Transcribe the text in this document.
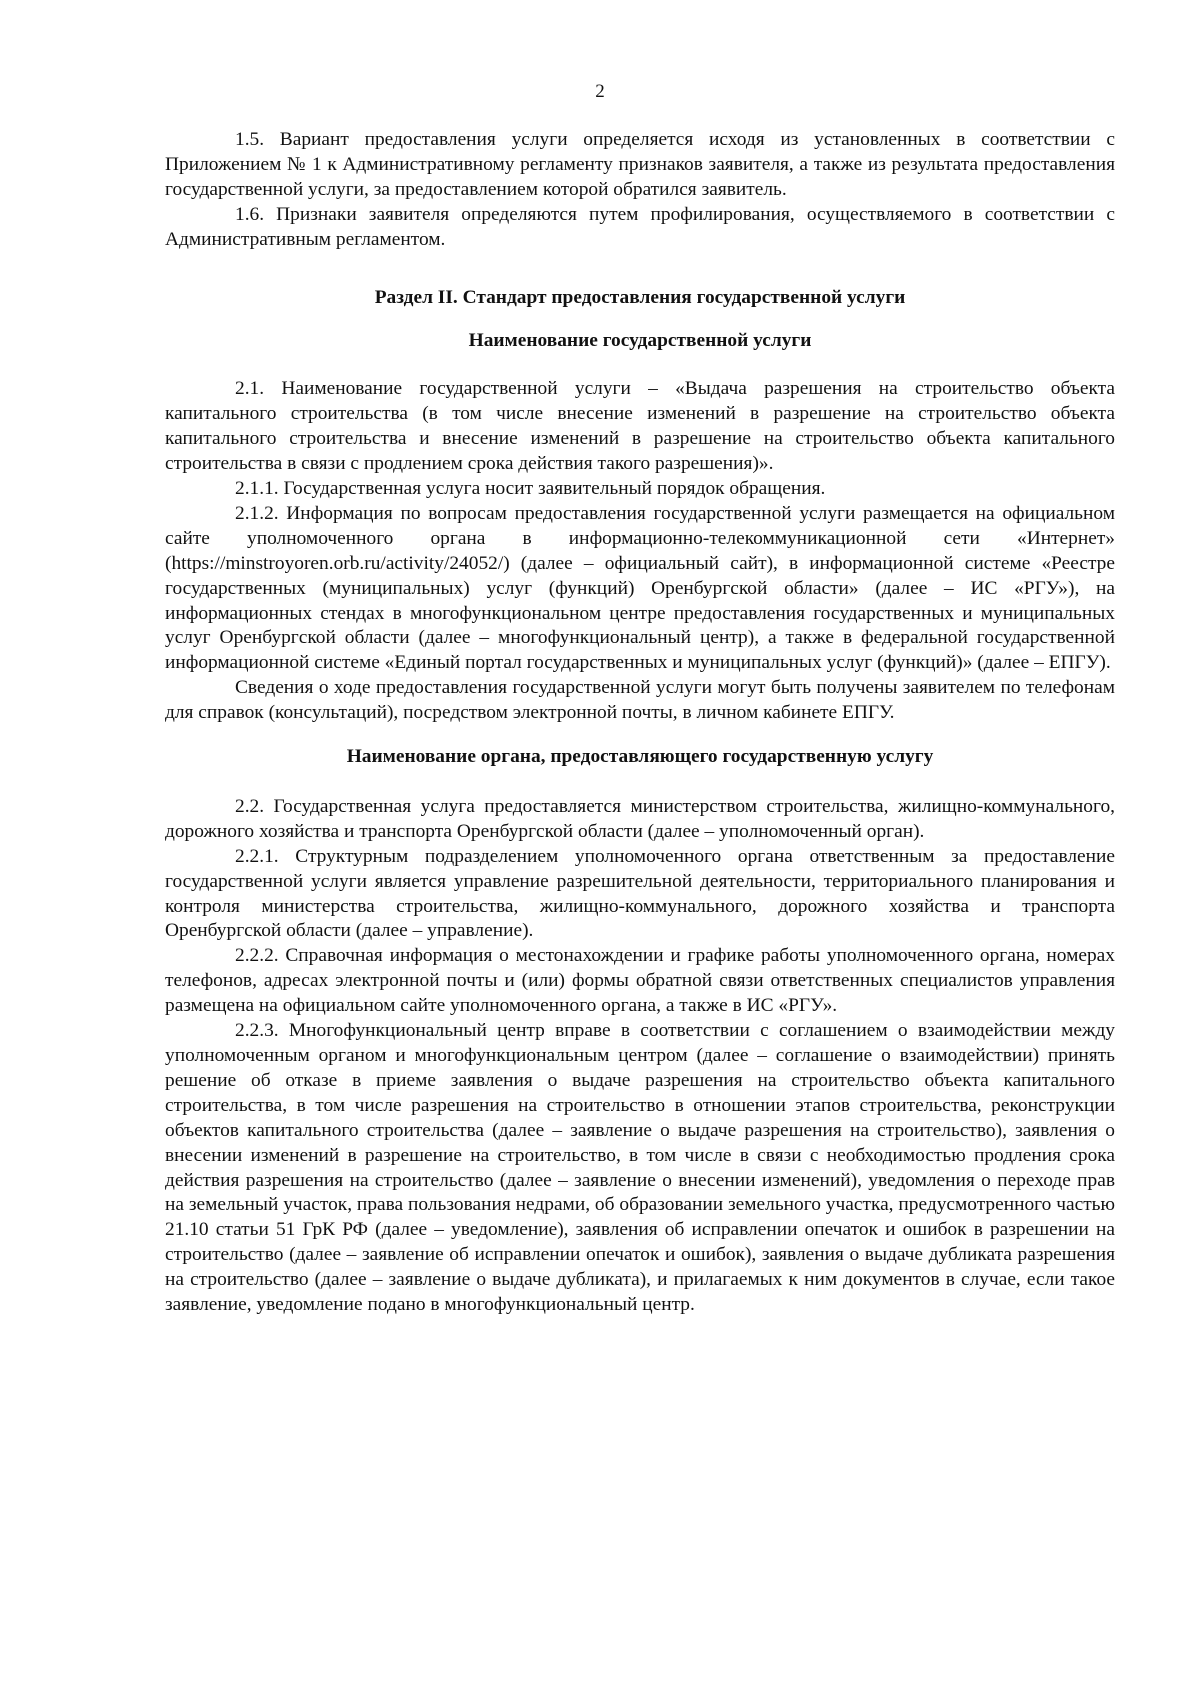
2

1.5. Вариант предоставления услуги определяется исходя из установленных в соответствии с Приложением № 1 к Административному регламенту признаков заявителя, а также из результата предоставления государственной услуги, за предоставлением которой обратился заявитель.

1.6. Признаки заявителя определяются путем профилирования, осуществляемого в соответствии с Административным регламентом.

Раздел II. Стандарт предоставления государственной услуги
Наименование государственной услуги

2.1. Наименование государственной услуги – «Выдача разрешения на строительство объекта капитального строительства (в том числе внесение изменений в разрешение на строительство объекта капитального строительства и внесение изменений в разрешение на строительство объекта капитального строительства в связи с продлением срока действия такого разрешения)».

2.1.1. Государственная услуга носит заявительный порядок обращения.

2.1.2. Информация по вопросам предоставления государственной услуги размещается на официальном сайте уполномоченного органа в информационно-телекоммуникационной сети «Интернет» (https://minstroyoren.orb.ru/activity/24052/) (далее – официальный сайт), в информационной системе «Реестре государственных (муниципальных) услуг (функций) Оренбургской области» (далее – ИС «РГУ»), на информационных стендах в многофункциональном центре предоставления государственных и муниципальных услуг Оренбургской области (далее – многофункциональный центр), а также в федеральной государственной информационной системе «Единый портал государственных и муниципальных услуг (функций)» (далее – ЕПГУ).

Сведения о ходе предоставления государственной услуги могут быть получены заявителем по телефонам для справок (консультаций), посредством электронной почты, в личном кабинете ЕПГУ.

Наименование органа, предоставляющего государственную услугу

2.2. Государственная услуга предоставляется министерством строительства, жилищно-коммунального, дорожного хозяйства и транспорта Оренбургской области (далее – уполномоченный орган).

2.2.1. Структурным подразделением уполномоченного органа ответственным за предоставление государственной услуги является управление разрешительной деятельности, территориального планирования и контроля министерства строительства, жилищно-коммунального, дорожного хозяйства и транспорта Оренбургской области (далее – управление).

2.2.2. Справочная информация о местонахождении и графике работы уполномоченного органа, номерах телефонов, адресах электронной почты и (или) формы обратной связи ответственных специалистов управления размещена на официальном сайте уполномоченного органа, а также в ИС «РГУ».

2.2.3. Многофункциональный центр вправе в соответствии с соглашением о взаимодействии между уполномоченным органом и многофункциональным центром (далее – соглашение о взаимодействии) принять решение об отказе в приеме заявления о выдаче разрешения на строительство объекта капитального строительства, в том числе разрешения на строительство в отношении этапов строительства, реконструкции объектов капитального строительства (далее – заявление о выдаче разрешения на строительство), заявления о внесении изменений в разрешение на строительство, в том числе в связи с необходимостью продления срока действия разрешения на строительство (далее – заявление о внесении изменений), уведомления о переходе прав на земельный участок, права пользования недрами, об образовании земельного участка, предусмотренного частью 21.10 статьи 51 ГрК РФ (далее – уведомление), заявления об исправлении опечаток и ошибок в разрешении на строительство (далее – заявление об исправлении опечаток и ошибок), заявления о выдаче дубликата разрешения на строительство (далее – заявление о выдаче дубликата), и прилагаемых к ним документов в случае, если такое заявление, уведомление подано в многофункциональный центр.
